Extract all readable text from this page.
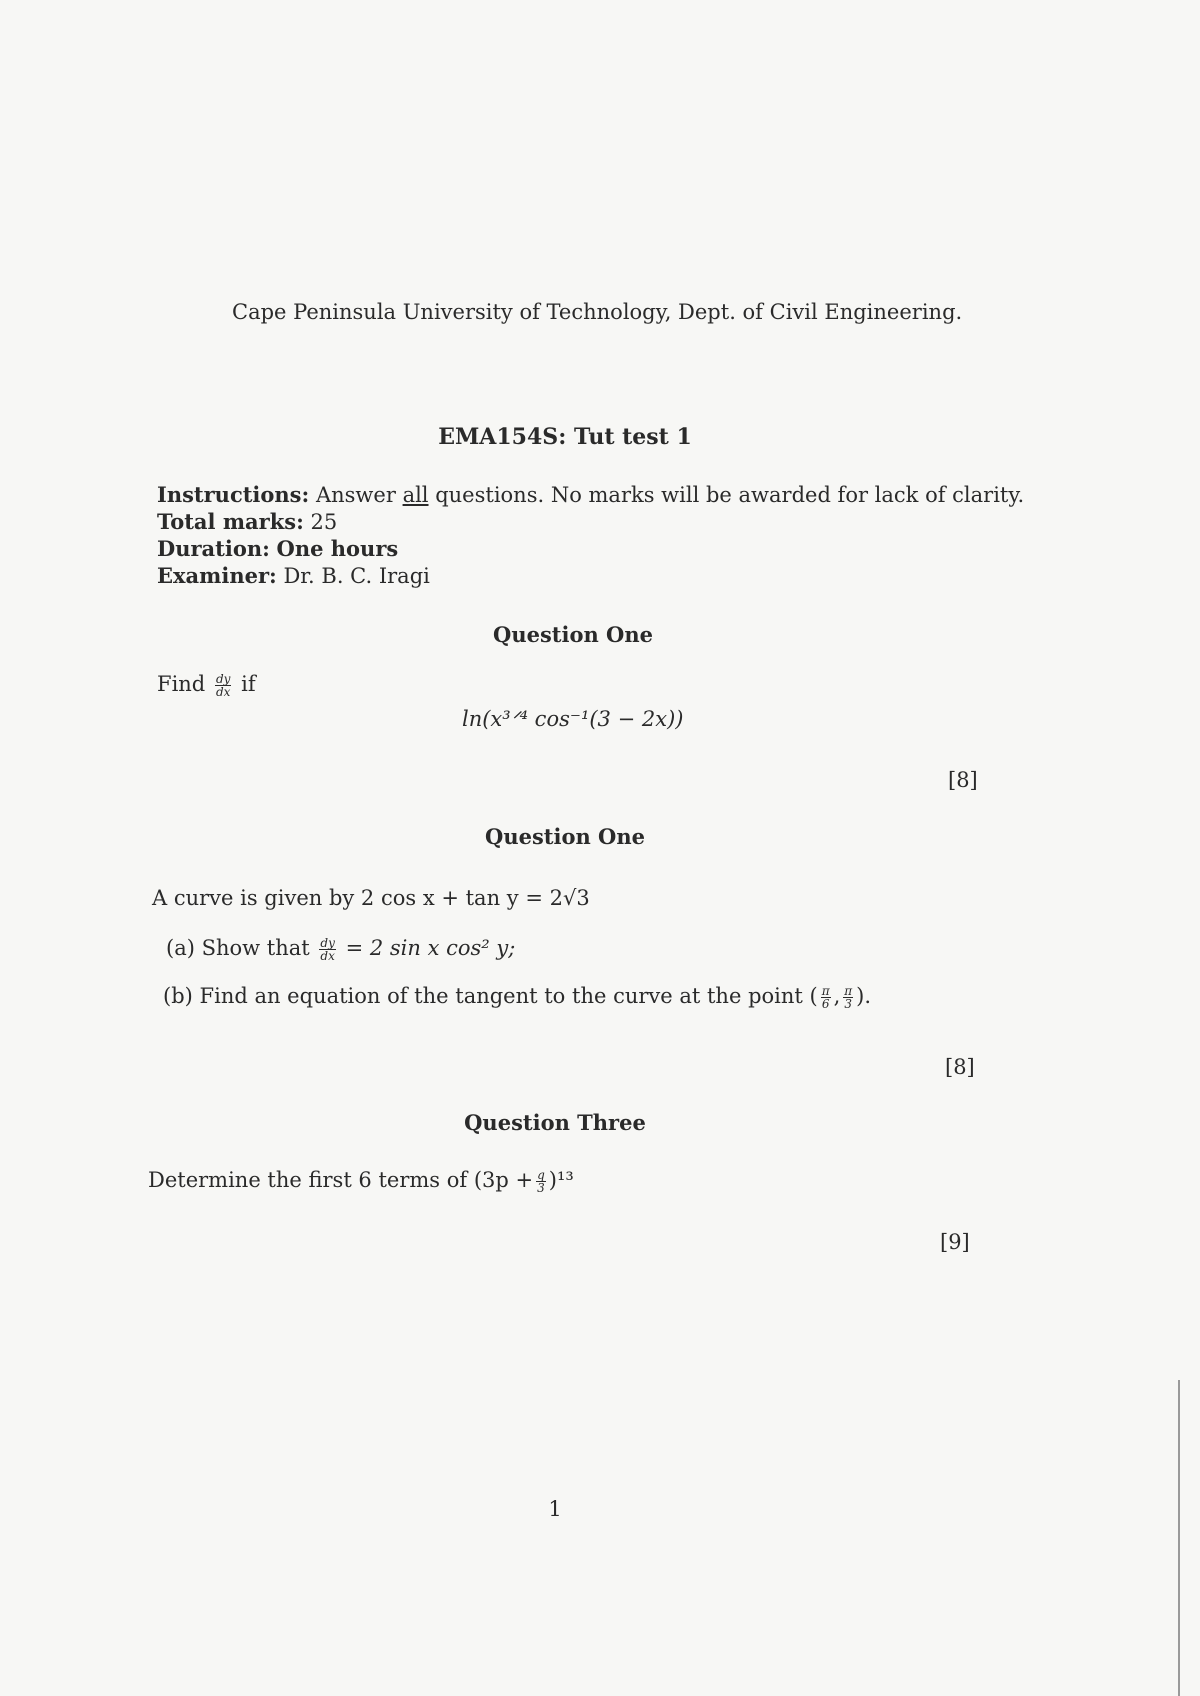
Cape Peninsula University of Technology, Dept. of Civil Engineering.
EMA154S: Tut test 1
Instructions: Answer all questions. No marks will be awarded for lack of clarity.
Total marks: 25
Duration: One hours
Examiner: Dr. B. C. Iragi
Question One
Find $\frac{dy}{dx}$ if
ln(x³ᐟ⁴ cos⁻¹(3 − 2x))
[8]
Question One
A curve is given by 2 cos x + tan y = 2√3
(a) Show that $\frac{dy}{dx} = 2$ sin x cos² y;
(b) Find an equation of the tangent to the curve at the point ( $\frac{\pi}{6}$ , $\frac{\pi}{3}$ ).
[8]
Question Three
Determine the first 6 terms of $(3p + \frac{q}{3} )^{13}$
[9]
1
